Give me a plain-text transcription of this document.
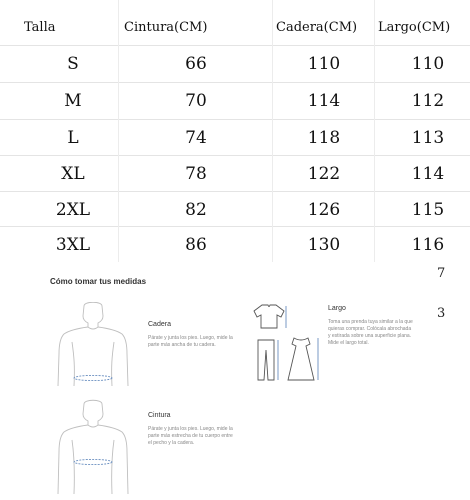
Talla	Cintura(CM)	Cadera(CM)	Largo(CM)
S	66	110	110
M	70	114	112
L	74	118	113
XL	78	122	114
2XL	82	126	115
3XL	86	130	116
Cómo tomar tus medidas
7
3
Cadera
Párate y junta los pies. Luego, mide la parte más ancha de tu cadera.
Largo
Toma una prenda tuya similar a la que quieras comprar. Colócala abrochada y estirada sobre una superficie plana. Mide el largo total.
Cintura
Párate y junta los pies. Luego, mide la parte más estrecha de tu cuerpo entre el pecho y la cadera.
